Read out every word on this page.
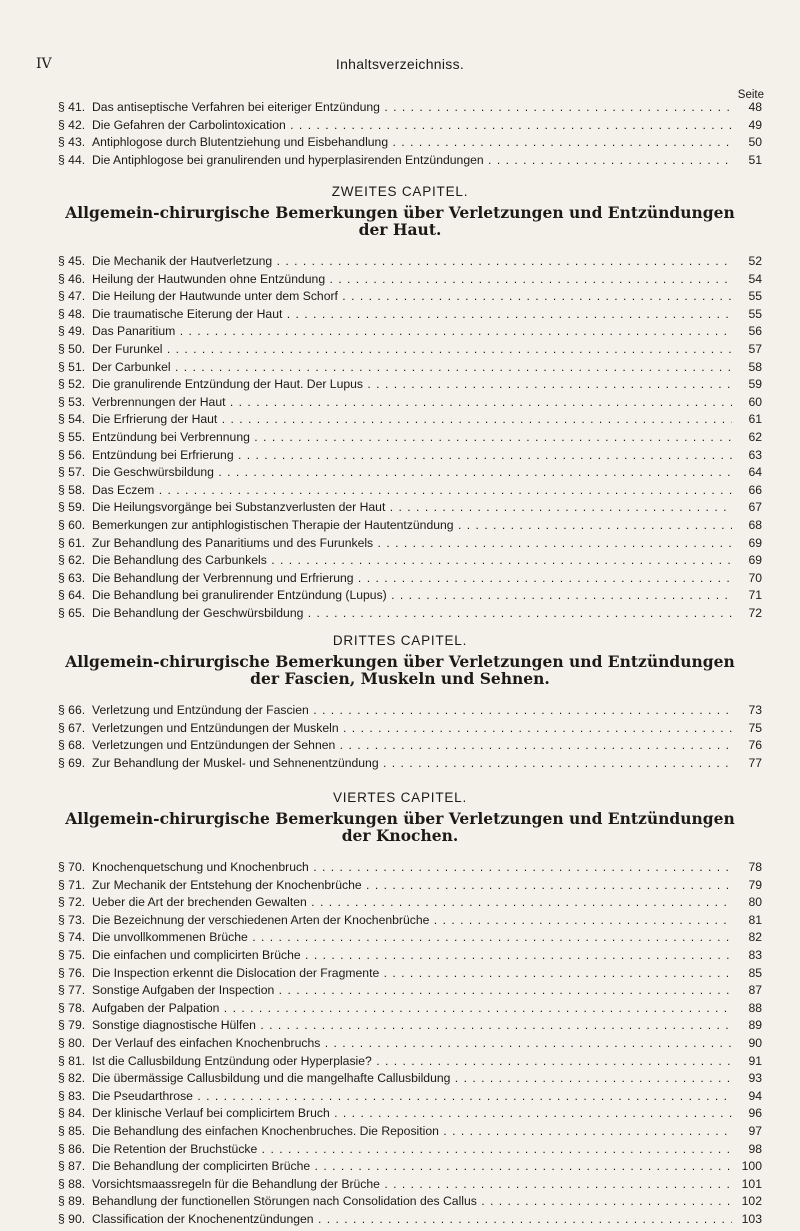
IV	Inhaltsverzeichniss.
Seite
§ 41. Das antiseptische Verfahren bei eiteriger Entzündung . . .	48
§ 42. Die Gefahren der Carbolintoxication . . .	49
§ 43. Antiphlogose durch Blutentziehung und Eisbehandlung . . .	50
§ 44. Die Antiphlogose bei granulirenden und hyperplasirenden Entzündungen . . .	51
ZWEITES CAPITEL.
Allgemein-chirurgische Bemerkungen über Verletzungen und Entzündungen
der Haut.
§ 45. Die Mechanik der Hautverletzung . . .	52
§ 46. Heilung der Hautwunden ohne Entzündung . . .	54
§ 47. Die Heilung der Hautwunde unter dem Schorf . . .	55
§ 48. Die traumatische Eiterung der Haut . . .	55
§ 49. Das Panaritium . . .	56
§ 50. Der Furunkel . . .	57
§ 51. Der Carbunkel . . .	58
§ 52. Die granulirende Entzündung der Haut. Der Lupus . . .	59
§ 53. Verbrennungen der Haut . . .	60
§ 54. Die Erfrierung der Haut . . .	61
§ 55. Entzündung bei Verbrennung . . .	62
§ 56. Entzündung bei Erfrierung . . .	63
§ 57. Die Geschwürsbildung . . .	64
§ 58. Das Eczem . . .	66
§ 59. Die Heilungsvorgänge bei Substanzverlusten der Haut . . .	67
§ 60. Bemerkungen zur antiphlogistischen Therapie der Hautentzündung . . .	68
§ 61. Zur Behandlung des Panaritiums und des Furunkels . . .	69
§ 62. Die Behandlung des Carbunkels . . .	69
§ 63. Die Behandlung der Verbrennung und Erfrierung . . .	70
§ 64. Die Behandlung bei granulirender Entzündung (Lupus) . . .	71
§ 65. Die Behandlung der Geschwürsbildung . . .	72
DRITTES CAPITEL.
Allgemein-chirurgische Bemerkungen über Verletzungen und Entzündungen
der Fascien, Muskeln und Sehnen.
§ 66. Verletzung und Entzündung der Fascien . . .	73
§ 67. Verletzungen und Entzündungen der Muskeln . . .	75
§ 68. Verletzungen und Entzündungen der Sehnen . . .	76
§ 69. Zur Behandlung der Muskel- und Sehnenentzündung . . .	77
VIERTES CAPITEL.
Allgemein-chirurgische Bemerkungen über Verletzungen und Entzündungen
der Knochen.
§ 70. Knochenquetschung und Knochenbruch . . .	78
§ 71. Zur Mechanik der Entstehung der Knochenbrüche . . .	79
§ 72. Ueber die Art der brechenden Gewalten . . .	80
§ 73. Die Bezeichnung der verschiedenen Arten der Knochenbrüche . . .	81
§ 74. Die unvollkommenen Brüche . . .	82
§ 75. Die einfachen und complicirten Brüche . . .	83
§ 76. Die Inspection erkennt die Dislocation der Fragmente . . .	85
§ 77. Sonstige Aufgaben der Inspection . . .	87
§ 78. Aufgaben der Palpation . . .	88
§ 79. Sonstige diagnostische Hülfen . . .	89
§ 80. Der Verlauf des einfachen Knochenbruchs . . .	90
§ 81. Ist die Callusbildung Entzündung oder Hyperplasie? . . .	91
§ 82. Die übermässige Callusbildung und die mangelhafte Callusbildung . . .	93
§ 83. Die Pseudarthrose . . .	94
§ 84. Der klinische Verlauf bei complicirtem Bruch . . .	96
§ 85. Die Behandlung des einfachen Knochenbruches. Die Reposition . . .	97
§ 86. Die Retention der Bruchstücke . . .	98
§ 87. Die Behandlung der complicirten Brüche . . .	100
§ 88. Vorsichtsmaassregeln für die Behandlung der Brüche . . .	101
§ 89. Behandlung der functionellen Störungen nach Consolidation des Callus . . .	102
§ 90. Classification der Knochenentzündungen . . .	103
